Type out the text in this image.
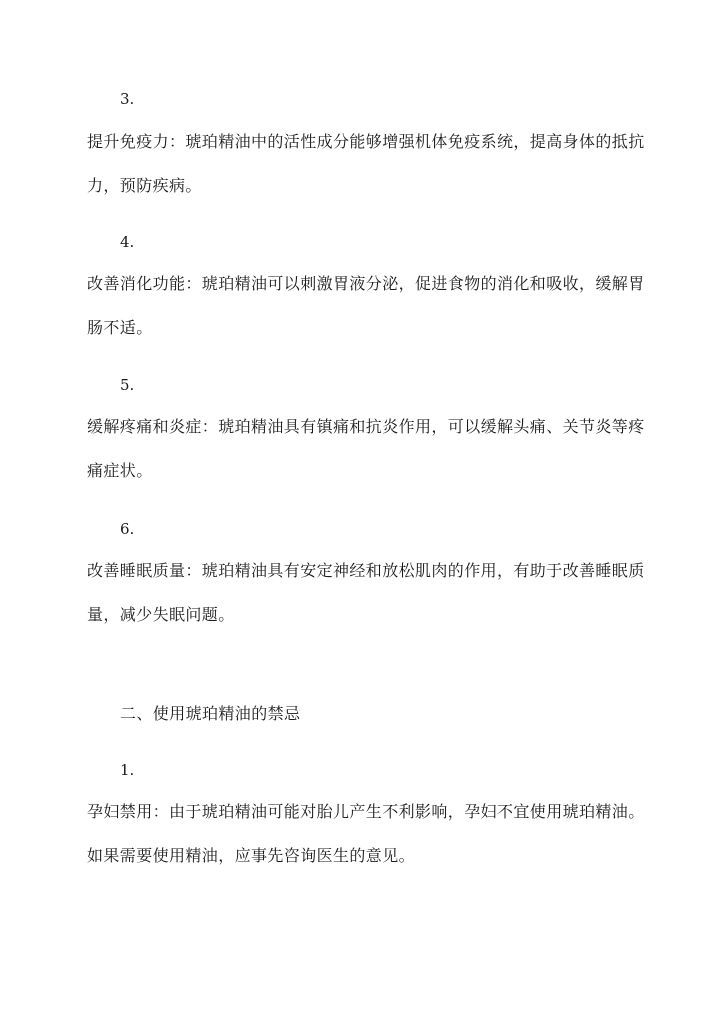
3.

提升免疫力：琥珀精油中的活性成分能够增强机体免疫系统，提高身体的抵抗力，预防疾病。

4.

改善消化功能：琥珀精油可以刺激胃液分泌，促进食物的消化和吸收，缓解胃肠不适。

5.

缓解疼痛和炎症：琥珀精油具有镇痛和抗炎作用，可以缓解头痛、关节炎等疼痛症状。

6.

改善睡眠质量：琥珀精油具有安定神经和放松肌肉的作用，有助于改善睡眠质量，减少失眠问题。

二、使用琥珀精油的禁忌
1.

孕妇禁用：由于琥珀精油可能对胎儿产生不利影响，孕妇不宜使用琥珀精油。如果需要使用精油，应事先咨询医生的意见。
